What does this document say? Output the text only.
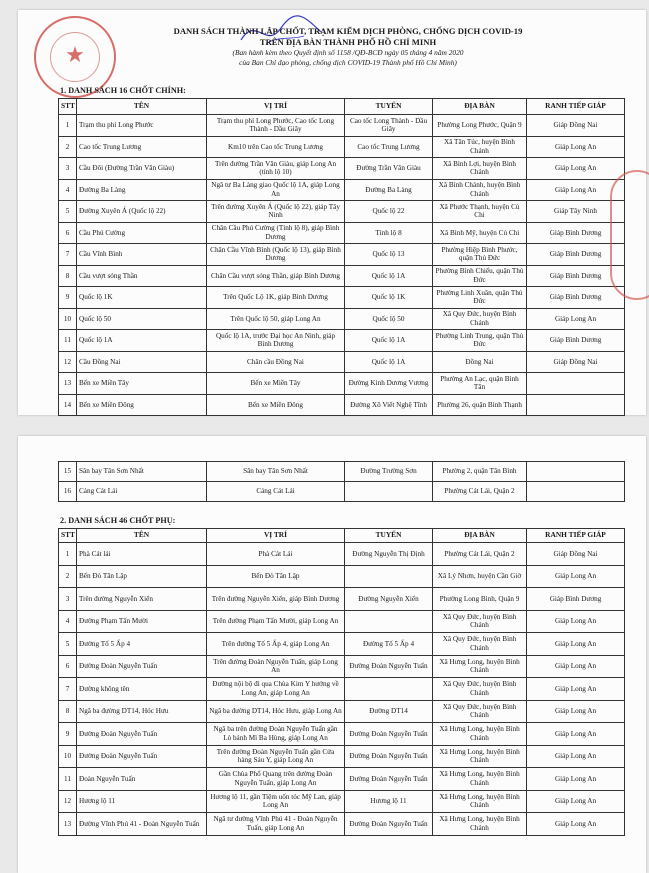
★
DANH SÁCH THÀNH LẬP CHỐT, TRẠM KIỂM DỊCH PHÒNG, CHỐNG DỊCH COVID-19
TRÊN ĐỊA BÀN THÀNH PHỐ HỒ CHÍ MINH
(Ban hành kèm theo Quyết định số 1158 /QĐ-BCĐ ngày 05 tháng 4 năm 2020
của Ban Chỉ đạo phòng, chống dịch COVID-19 Thành phố Hồ Chí Minh)
1. DANH SÁCH 16 CHỐT CHÍNH:
STT	TÊN	VỊ TRÍ	TUYẾN	ĐỊA BÀN	RANH TIẾP GIÁP
1	Trạm thu phí Long Phước	Trạm thu phí Long Phước, Cao tốc Long Thành - Dầu Giây	Cao tốc Long Thành - Dầu Giây	Phường Long Phước, Quận 9	Giáp Đồng Nai
2	Cao tốc Trung Lương	Km10 trên Cao tốc Trung Lương	Cao tốc Trung Lương	Xã Tân Túc, huyện Bình Chánh	Giáp Long An
3	Cầu Đôi (Đường Trần Văn Giàu)	Trên đường Trần Văn Giàu, giáp Long An (tỉnh lộ 10)	Đường Trần Văn Giàu	Xã Bình Lợi, huyện Bình Chánh	Giáp Long An
4	Đường Ba Làng	Ngã tư Ba Làng giao Quốc lộ 1A, giáp Long An	Đường Ba Làng	Xã Bình Chánh, huyện Bình Chánh	Giáp Long An
5	Đường Xuyên Á (Quốc lộ 22)	Trên đường Xuyên Á (Quốc lộ 22), giáp Tây Ninh	Quốc lộ 22	Xã Phước Thạnh, huyện Củ Chi	Giáp Tây Ninh
6	Cầu Phú Cường	Chân Cầu Phú Cường (Tỉnh lộ 8), giáp Bình Dương	Tỉnh lộ 8	Xã Bình Mỹ, huyện Củ Chi	Giáp Bình Dương
7	Cầu Vĩnh Bình	Chân Cầu Vĩnh Bình (Quốc lộ 13), giáp Bình Dương	Quốc lộ 13	Phường Hiệp Bình Phước, quận Thủ Đức	Giáp Bình Dương
8	Cầu vượt sóng Thần	Chân Cầu vượt sóng Thần, giáp Bình Dương	Quốc lộ 1A	Phường Bình Chiểu, quận Thủ Đức	Giáp Bình Dương
9	Quốc lộ 1K	Trên Quốc Lộ 1K, giáp Bình Dương	Quốc lộ 1K	Phường Linh Xuân, quận Thủ Đức	Giáp Bình Dương
10	Quốc lộ 50	Trên Quốc lộ 50, giáp Long An	Quốc lộ 50	Xã Quy Đức, huyện Bình Chánh	Giáp Long An
11	Quốc lộ 1A	Quốc lộ 1A, trước Đại học An Ninh, giáp Bình Dương	Quốc lộ 1A	Phường Linh Trung, quận Thủ Đức	Giáp Bình Dương
12	Cầu Đồng Nai	Chân cầu Đồng Nai	Quốc lộ 1A	Đồng Nai	Giáp Đồng Nai
13	Bến xe Miền Tây	Bến xe Miền Tây	Đường Kinh Dương Vương	Phường An Lạc, quận Bình Tân	
14	Bến xe Miền Đông	Bến xe Miền Đông	Đường Xô Viết Nghệ Tĩnh	Phường 26, quận Bình Thạnh	
15	Sân bay Tân Sơn Nhất	Sân bay Tân Sơn Nhất	Đường Trường Sơn	Phường 2, quận Tân Bình	
16	Cảng Cát Lái	Cảng Cát Lái		Phường Cát Lái, Quận 2	
2. DANH SÁCH 46 CHỐT PHỤ:
STT	TÊN	VỊ TRÍ	TUYẾN	ĐỊA BÀN	RANH TIẾP GIÁP
1	Phà Cát lái	Phà Cát Lái	Đường Nguyễn Thị Định	Phường Cát Lái, Quận 2	Giáp Đồng Nai
2	Bến Đò Tân Lập	Bến Đò Tân Lập		Xã Lý Nhơn, huyện Cần Giờ	Giáp Long An
3	Trên đường Nguyễn Xiển	Trên đường Nguyễn Xiển, giáp Bình Dương	Đường Nguyễn Xiển	Phường Long Bình, Quận 9	Giáp Bình Dương
4	Đường Phạm Tấn Mười	Trên đường Phạm Tấn Mười, giáp Long An		Xã Quy Đức, huyện Bình Chánh	Giáp Long An
5	Đường Tố 5 Ấp 4	Trên đường Tố 5 Ấp 4, giáp Long An	Đường Tố 5 Ấp 4	Xã Quy Đức, huyện Bình Chánh	Giáp Long An
6	Đường Đoàn Nguyễn Tuấn	Trên đường Đoàn Nguyễn Tuấn, giáp Long An	Đường Đoàn Nguyễn Tuấn	Xã Hưng Long, huyện Bình Chánh	Giáp Long An
7	Đường không tên	Đường nội bộ đi qua Chùa Kim Y hướng về Long An, giáp Long An		Xã Quy Đức, huyện Bình Chánh	Giáp Long An
8	Ngã ba đường DT14, Hóc Hưu	Ngã ba đường DT14, Hóc Hưu, giáp Long An	Đường DT14	Xã Quy Đức, huyện Bình Chánh	Giáp Long An
9	Đường Đoàn Nguyễn Tuấn	Ngã ba trên đường Đoàn Nguyễn Tuấn gần Lò bánh Mì Ba Hùng, giáp Long An	Đường Đoàn Nguyễn Tuấn	Xã Hưng Long, huyện Bình Chánh	Giáp Long An
10	Đường Đoàn Nguyễn Tuấn	Trên đường Đoàn Nguyễn Tuấn gần Cửa hàng Sáu Y, giáp Long An	Đường Đoàn Nguyễn Tuấn	Xã Hưng Long, huyện Bình Chánh	Giáp Long An
11	Đoàn Nguyễn Tuấn	Gần Chùa Phổ Quang trên đường Đoàn Nguyễn Tuấn, giáp Long An	Đường Đoàn Nguyễn Tuấn	Xã Hưng Long, huyện Bình Chánh	Giáp Long An
12	Hương lộ 11	Hương lộ 11, gần Tiệm uốn tóc Mỹ Lan, giáp Long An	Hương lộ 11	Xã Hưng Long, huyện Bình Chánh	Giáp Long An
13	Đường Vĩnh Phú 41 - Đoàn Nguyễn Tuấn	Ngã tư đường Vĩnh Phú 41 - Đoàn Nguyễn Tuấn, giáp Long An	Đường Đoàn Nguyễn Tuấn	Xã Hưng Long, huyện Bình Chánh	Giáp Long An
